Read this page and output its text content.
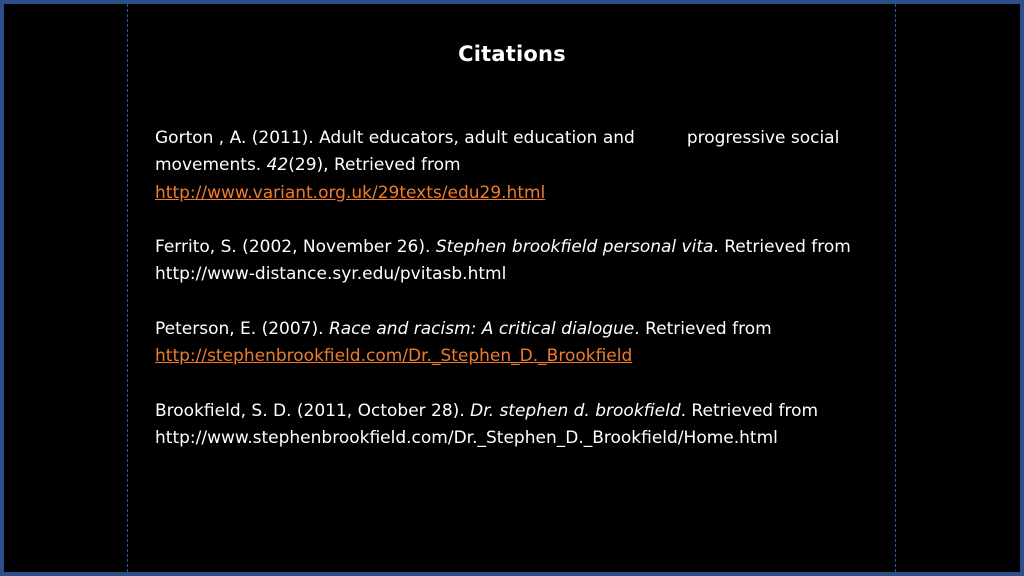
Citations

Gorton , A. (2011). Adult educators, adult education and	progressive social movements. 42(29), Retrieved from
http://www.variant.org.uk/29texts/edu29.html

Ferrito, S. (2002, November 26). Stephen brookfield personal vita. Retrieved from http://www-distance.syr.edu/pvitasb.html

Peterson, E. (2007). Race and racism: A critical dialogue. Retrieved from
http://stephenbrookfield.com/Dr._Stephen_D._Brookfield

Brookfield, S. D. (2011, October 28). Dr. stephen d. brookfield. Retrieved from http://www.stephenbrookfield.com/Dr._Stephen_D._Brookfield/Home.html
